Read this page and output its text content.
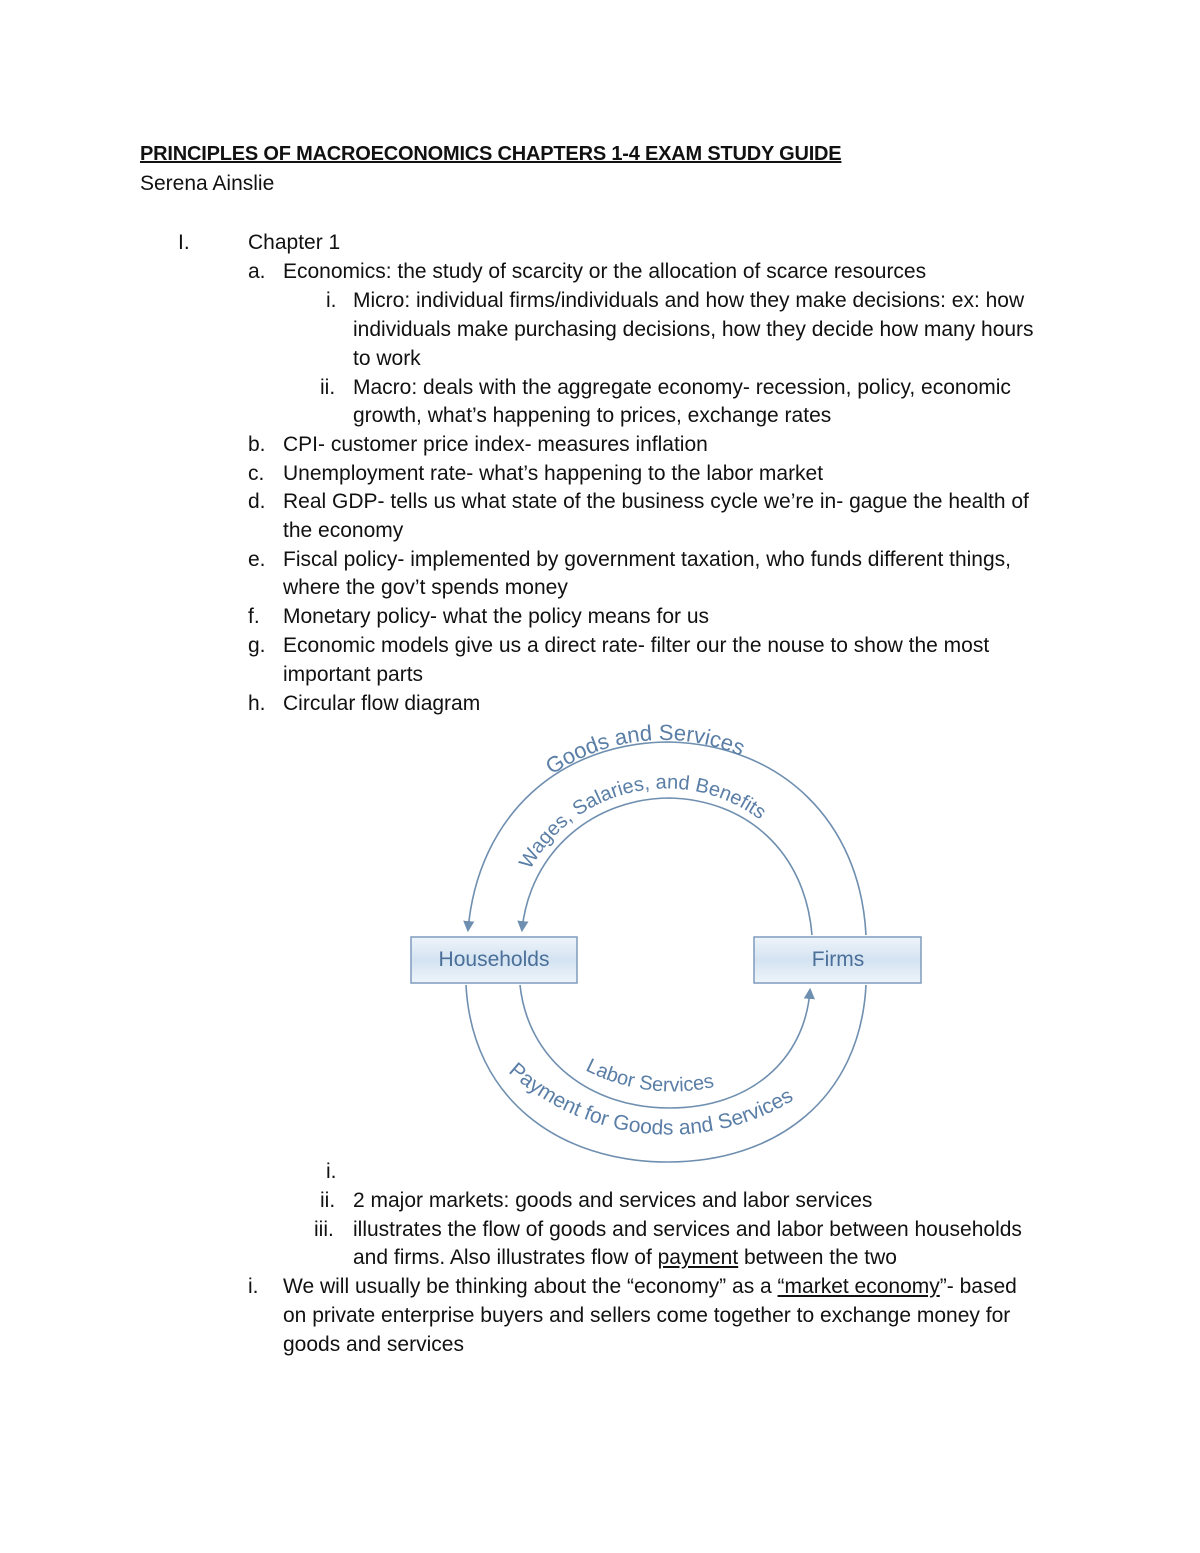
PRINCIPLES OF MACROECONOMICS CHAPTERS 1-4 EXAM STUDY GUIDE
Serena Ainslie
I.	Chapter 1
a. Economics: the study of scarcity or the allocation of scarce resources
i. Micro: individual firms/individuals and how they make decisions: ex: how
individuals make purchasing decisions, how they decide how many hours
to work
ii. Macro: deals with the aggregate economy- recession, policy, economic
growth, what’s happening to prices, exchange rates
b. CPI- customer price index- measures inflation
c. Unemployment rate- what’s happening to the labor market
d. Real GDP- tells us what state of the business cycle we’re in- gague the health of
the economy
e. Fiscal policy- implemented by government taxation, who funds different things,
where the gov’t spends money
f. Monetary policy- what the policy means for us
g. Economic models give us a direct rate- filter our the nouse to show the most
important parts
h. Circular flow diagram
Goods and Services
Wages, Salaries, and Benefits
Labor Services
Payment for Goods and Services
Households	Firms
i.
ii. 2 major markets: goods and services and labor services
iii. illustrates the flow of goods and services and labor between households
and firms. Also illustrates flow of payment between the two
i. We will usually be thinking about the “economy” as a “market economy”- based
on private enterprise buyers and sellers come together to exchange money for
goods and services
